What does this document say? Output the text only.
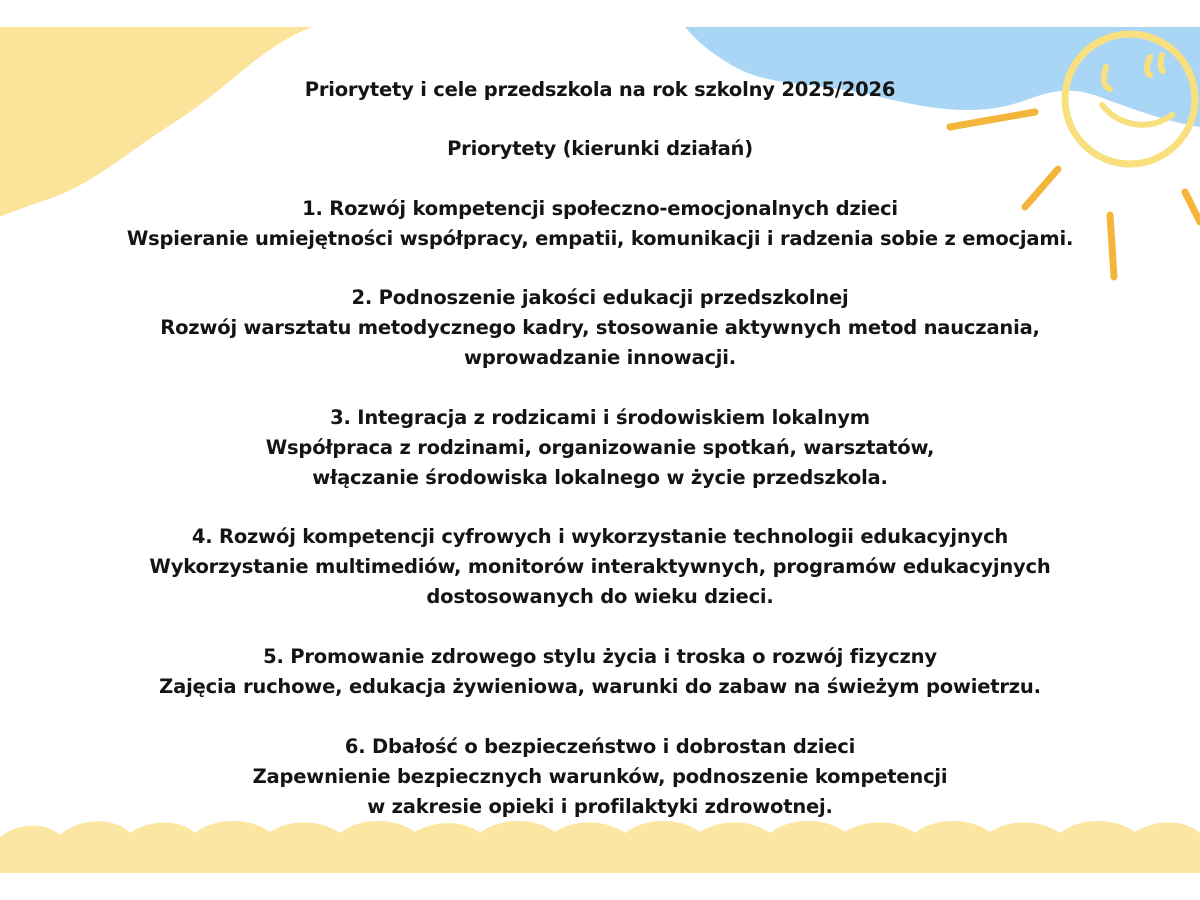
Priorytety i cele przedszkola na rok szkolny 2025/2026
Priorytety (kierunki działań)
1. Rozwój kompetencji społeczno-emocjonalnych dzieci
Wspieranie umiejętności współpracy, empatii, komunikacji i radzenia sobie z emocjami.
2. Podnoszenie jakości edukacji przedszkolnej
Rozwój warsztatu metodycznego kadry, stosowanie aktywnych metod nauczania,
wprowadzanie innowacji.
3. Integracja z rodzicami i środowiskiem lokalnym
Współpraca z rodzinami, organizowanie spotkań, warsztatów,
włączanie środowiska lokalnego w życie przedszkola.
4. Rozwój kompetencji cyfrowych i wykorzystanie technologii edukacyjnych
Wykorzystanie multimediów, monitorów interaktywnych, programów edukacyjnych
dostosowanych do wieku dzieci.
5. Promowanie zdrowego stylu życia i troska o rozwój fizyczny
Zajęcia ruchowe, edukacja żywieniowa, warunki do zabaw na świeżym powietrzu.
6. Dbałość o bezpieczeństwo i dobrostan dzieci
Zapewnienie bezpiecznych warunków, podnoszenie kompetencji
w zakresie opieki i profilaktyki zdrowotnej.
